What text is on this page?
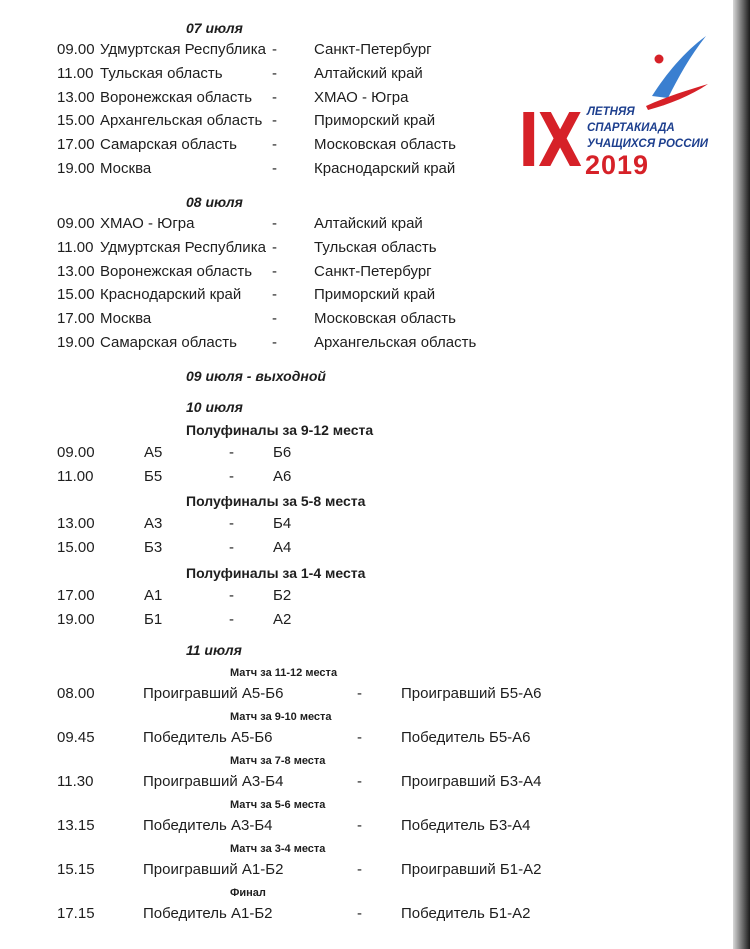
IX ЛЕТНЯЯ
СПАРТАКИАДА
УЧАЩИХСЯ РОССИИ
2019
07 июля
09.00 Удмуртская Республика - Санкт-Петербург
11.00 Тульская область	- Алтайский край
13.00 Воронежская область - ХМАО - Югра
15.00 Архангельская область - Приморский край
17.00 Самарская область - Московская область
19.00 Москва	- Краснодарский край
08 июля
09.00 ХМАО - Югра	- Алтайский край
11.00 Удмуртская Республика - Тульская область
13.00 Воронежская область - Санкт-Петербург
15.00 Краснодарский край - Приморский край
17.00 Москва	- Московская область
19.00 Самарская область - Архангельская область
09 июля - выходной
10 июля
Полуфиналы за 9-12 места
09.00	А5	-	Б6
11.00	Б5	-	А6
Полуфиналы за 5-8 места
13.00	А3	-	Б4
15.00	Б3	-	А4
Полуфиналы за 1-4 места
17.00	А1	-	Б2
19.00	Б1	-	А2
11 июля
Матч за 11-12 места
08.00	Проигравший А5-Б6	-	Проигравший Б5-А6
Матч за 9-10 места
09.45	Победитель А5-Б6	-	Победитель Б5-А6
Матч за 7-8 места
11.30	Проигравший А3-Б4	-	Проигравший Б3-А4
Матч за 5-6 места
13.15	Победитель А3-Б4	-	Победитель Б3-А4
Матч за 3-4 места
15.15	Проигравший А1-Б2	-	Проигравший Б1-А2
Финал
17.15	Победитель А1-Б2	-	Победитель Б1-А2
